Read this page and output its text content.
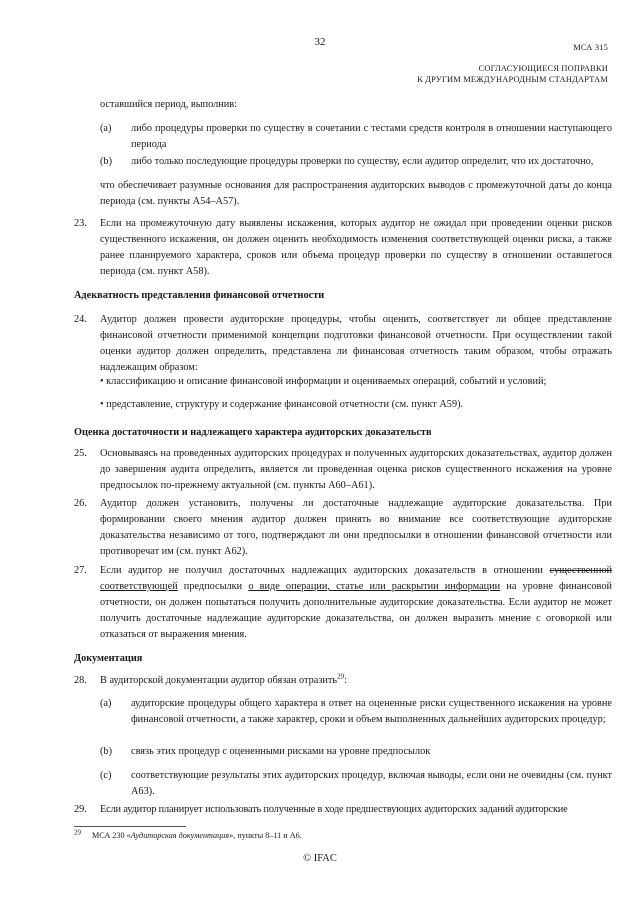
32	МСА 315
СОГЛАСУЮЩИЕСЯ ПОПРАВКИ
К ДРУГИМ МЕЖДУНАРОДНЫМ СТАНДАРТАМ
оставшийся период, выполнив:
(a) либо процедуры проверки по существу в сочетании с тестами средств контроля в отношении наступающего периода
(b) либо только последующие процедуры проверки по существу, если аудитор определит, что их достаточно,
что обеспечивает разумные основания для распространения аудиторских выводов с промежуточной даты до конца периода (см. пункты А54–А57).
23. Если на промежуточную дату выявлены искажения, которых аудитор не ожидал при проведении оценки рисков существенного искажения, он должен оценить необходимость изменения соответствующей оценки риска, а также ранее планируемого характера, сроков или объема процедур проверки по существу в отношении оставшегося периода (см. пункт А58).
Адекватность представления финансовой отчетности
24. Аудитор должен провести аудиторские процедуры, чтобы оценить, соответствует ли общее представление финансовой отчетности применимой концепции подготовки финансовой отчетности. При осуществлении такой оценки аудитор должен определить, представлена ли финансовая отчетность таким образом, чтобы отражать надлежащим образом:
• классификацию и описание финансовой информации и оцениваемых операций, событий и условий;
• представление, структуру и содержание финансовой отчетности (см. пункт А59).
Оценка достаточности и надлежащего характера аудиторских доказательств
25. Основываясь на проведенных аудиторских процедурах и полученных аудиторских доказательствах, аудитор должен до завершения аудита определить, является ли проведенная оценка рисков существенного искажения на уровне предпосылок по-прежнему актуальной (см. пункты А60–А61).
26. Аудитор должен установить, получены ли достаточные надлежащие аудиторские доказательства. При формировании своего мнения аудитор должен принять во внимание все соответствующие аудиторские доказательства независимо от того, подтверждают ли они предпосылки в отношении финансовой отчетности или противоречат им (см. пункт А62).
27. Если аудитор не получил достаточных надлежащих аудиторских доказательств в отношении существенной соответствующей предпосылки о виде операции, статье или раскрытии информации на уровне финансовой отчетности, он должен попытаться получить дополнительные аудиторские доказательства. Если аудитор не может получить достаточные надлежащие аудиторские доказательства, он должен выразить мнение с оговоркой или отказаться от выражения мнения.
Документация
28. В аудиторской документации аудитор обязан отразить$^{29}$:
(a) аудиторские процедуры общего характера в ответ на оцененные риски существенного искажения на уровне финансовой отчетности, а также характер, сроки и объем выполненных дальнейших аудиторских процедур;
(b) связь этих процедур с оцененными рисками на уровне предпосылок
(c) соответствующие результаты этих аудиторских процедур, включая выводы, если они не очевидны (см. пункт А63).
29. Если аудитор планирует использовать полученные в ходе предшествующих аудиторских заданий аудиторские
$^{29}$ МСА 230 «Аудиторская документация», пункты 8–11 и А6.
© IFAC
